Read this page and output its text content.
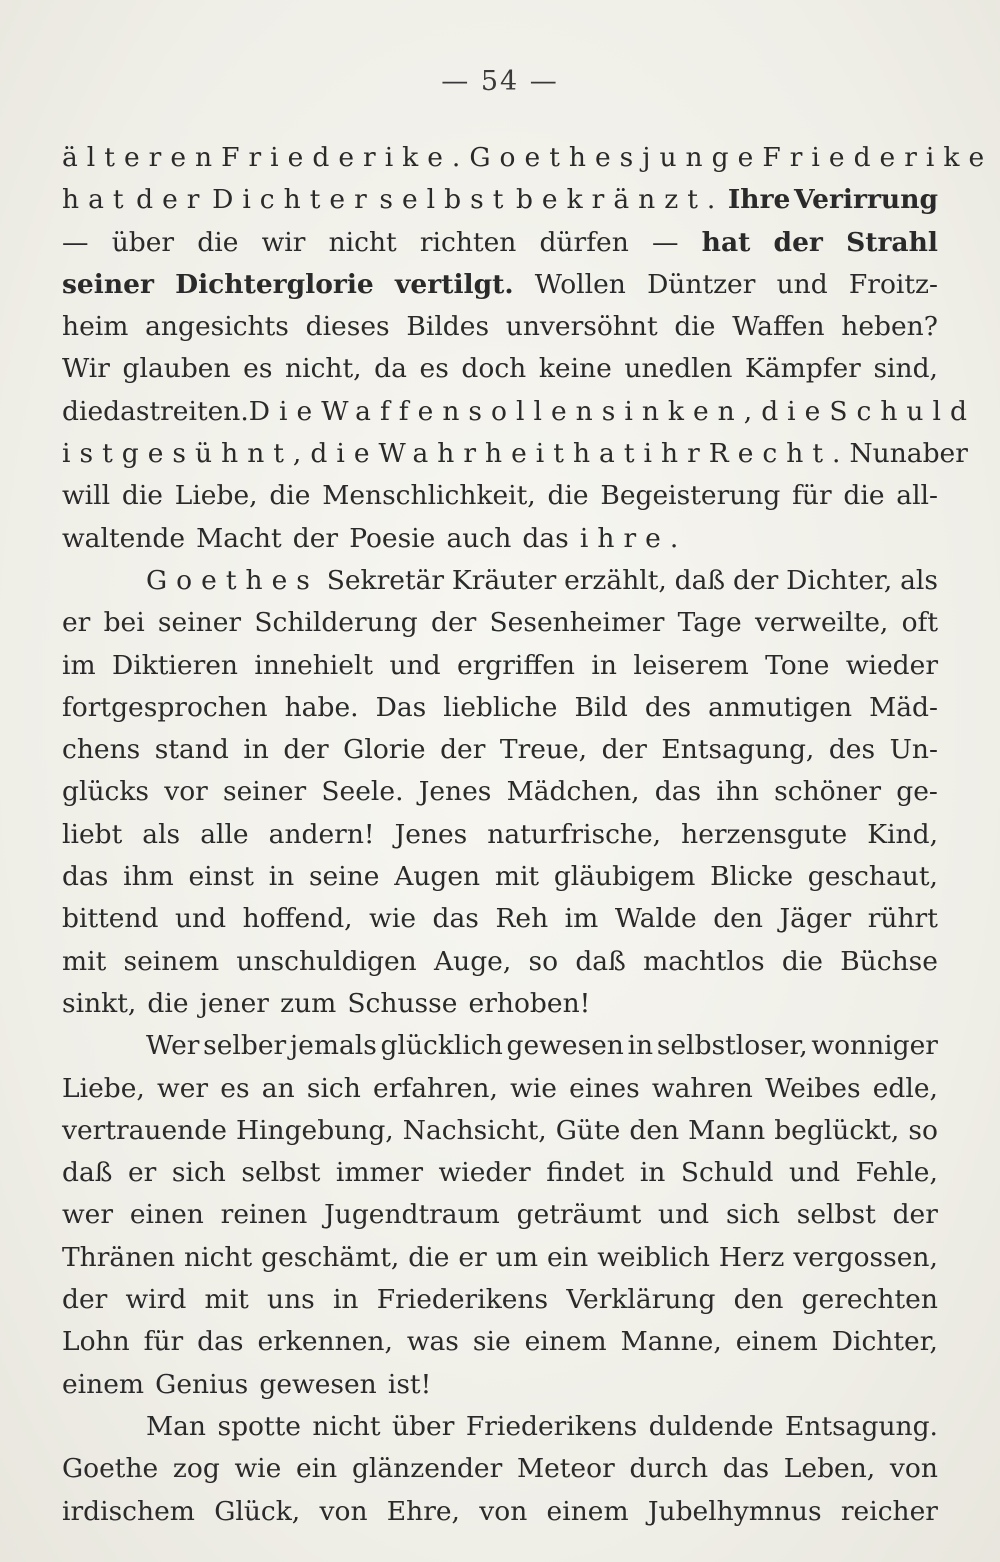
— 54 —
älteren Friederike. Goethes junge Friederike
hat der Dichter selbst bekränzt. Ihre Verirrung
— über die wir nicht richten dürfen — hat der Strahl
seiner Dichterglorie vertilgt. Wollen Düntzer und Froitz-
heim angesichts dieses Bildes unversöhnt die Waffen heben?
Wir glauben es nicht, da es doch keine unedlen Kämpfer sind,
die da streiten. Die Waffen sollen sinken, die Schuld
ist gesühnt, die Wahrheit hat ihr Recht. Nun aber
will die Liebe, die Menschlichkeit, die Begeisterung für die all-
waltende Macht der Poesie auch das ihre.
Goethes Sekretär Kräuter erzählt, daß der Dichter, als
er bei seiner Schilderung der Sesenheimer Tage verweilte, oft
im Diktieren innehielt und ergriffen in leiserem Tone wieder
fortgesprochen habe. Das liebliche Bild des anmutigen Mäd-
chens stand in der Glorie der Treue, der Entsagung, des Un-
glücks vor seiner Seele. Jenes Mädchen, das ihn schöner ge-
liebt als alle andern! Jenes naturfrische, herzensgute Kind,
das ihm einst in seine Augen mit gläubigem Blicke geschaut,
bittend und hoffend, wie das Reh im Walde den Jäger rührt
mit seinem unschuldigen Auge, so daß machtlos die Büchse
sinkt, die jener zum Schusse erhoben!
Wer selber jemals glücklich gewesen in selbstloser, wonniger
Liebe, wer es an sich erfahren, wie eines wahren Weibes edle,
vertrauende Hingebung, Nachsicht, Güte den Mann beglückt, so
daß er sich selbst immer wieder findet in Schuld und Fehle,
wer einen reinen Jugendtraum geträumt und sich selbst der
Thränen nicht geschämt, die er um ein weiblich Herz vergossen,
der wird mit uns in Friederikens Verklärung den gerechten
Lohn für das erkennen, was sie einem Manne, einem Dichter,
einem Genius gewesen ist!
Man spotte nicht über Friederikens duldende Entsagung.
Goethe zog wie ein glänzender Meteor durch das Leben, von
irdischem Glück, von Ehre, von einem Jubelhymnus reicher
